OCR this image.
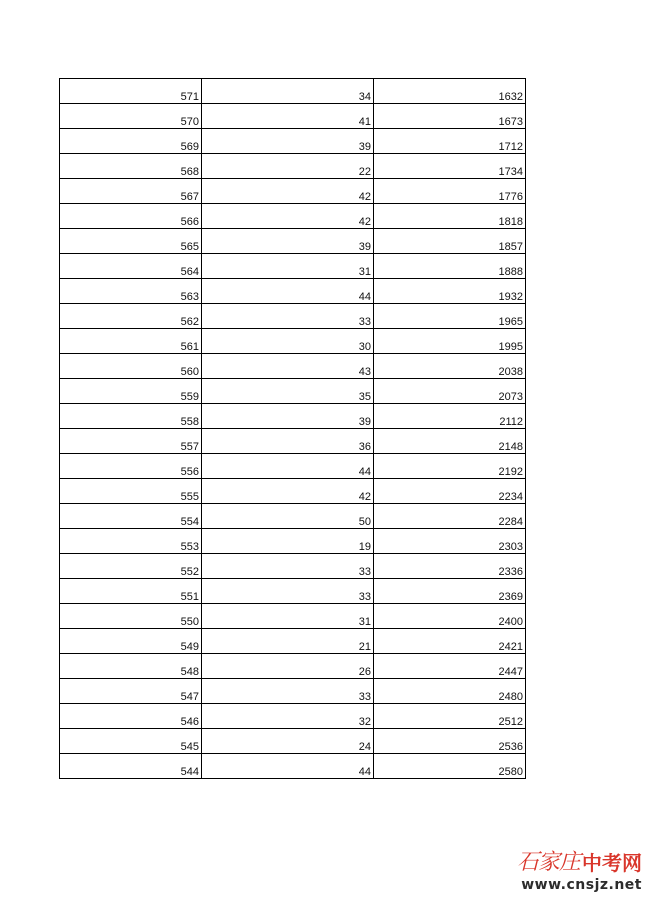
571	34	1632
570	41	1673
569	39	1712
568	22	1734
567	42	1776
566	42	1818
565	39	1857
564	31	1888
563	44	1932
562	33	1965
561	30	1995
560	43	2038
559	35	2073
558	39	2112
557	36	2148
556	44	2192
555	42	2234
554	50	2284
553	19	2303
552	33	2336
551	33	2369
550	31	2400
549	21	2421
548	26	2447
547	33	2480
546	32	2512
545	24	2536
544	44	2580
石家庄 中考网
www.cnsjz.net
